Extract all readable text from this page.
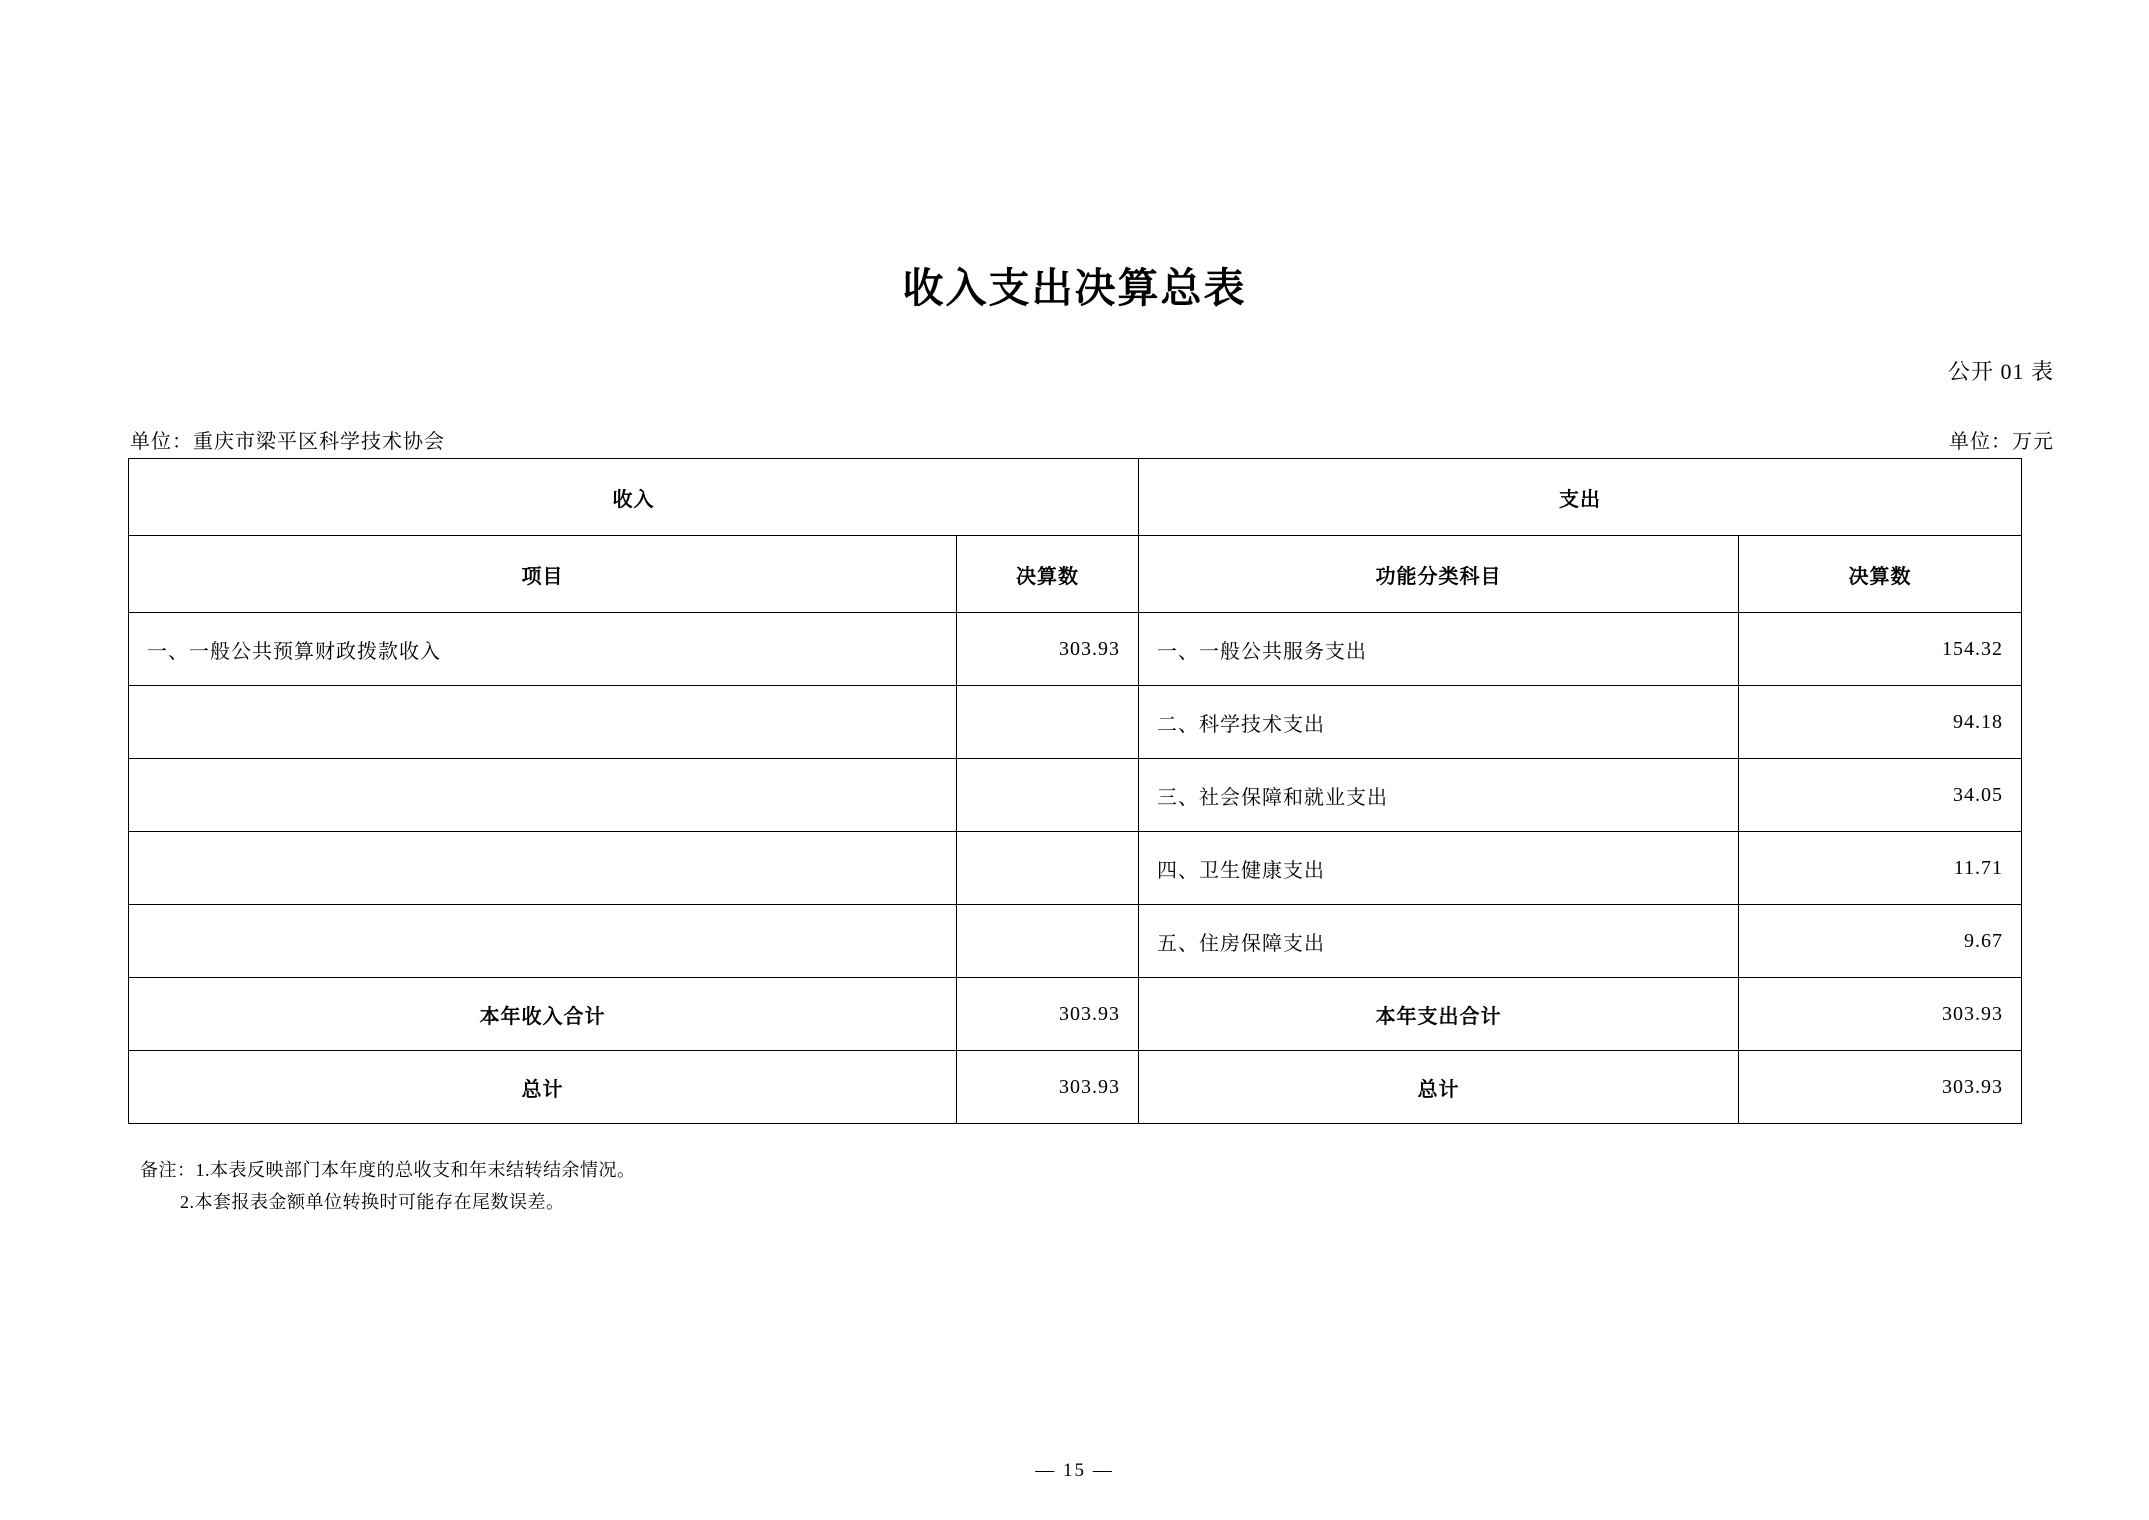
收入支出决算总表
公开 01 表
单位：重庆市梁平区科学技术协会	单位：万元
收入		支出	
项目	决算数	功能分类科目	决算数
一、一般公共预算财政拨款收入	303.93	一、一般公共服务支出	154.32
		二、科学技术支出	94.18
		三、社会保障和就业支出	34.05
		四、卫生健康支出	11.71
		五、住房保障支出	9.67
本年收入合计	303.93	本年支出合计	303.93
总计	303.93	总计	303.93
备注：1.本表反映部门本年度的总收支和年末结转结余情况。
2.本套报表金额单位转换时可能存在尾数误差。
— 15 —
